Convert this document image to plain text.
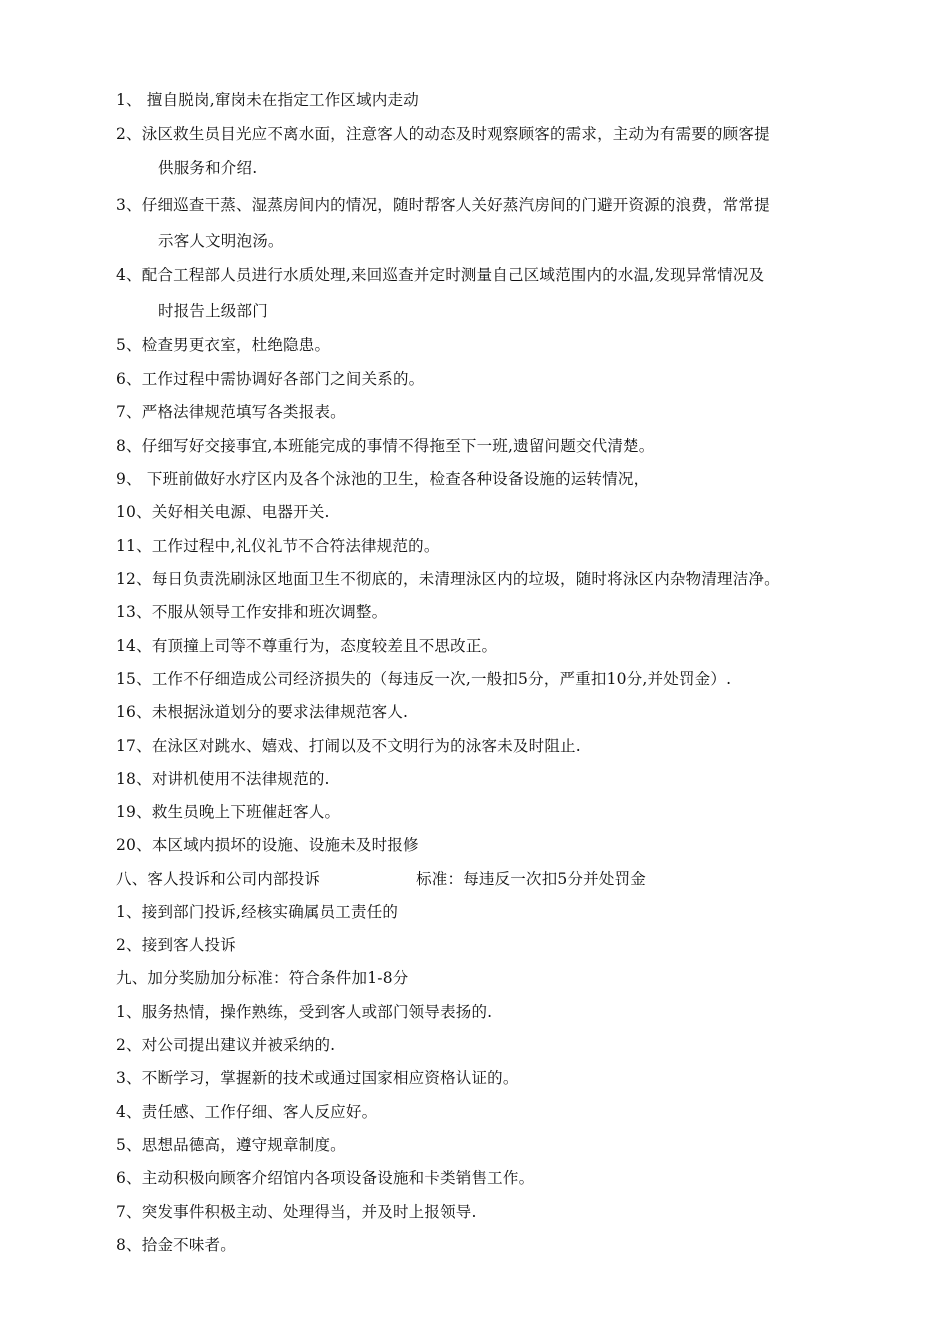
1、 擅自脱岗,窜岗未在指定工作区域内走动
2、泳区救生员目光应不离水面，注意客人的动态及时观察顾客的需求，主动为有需要的顾客提
供服务和介绍.
3、仔细巡查干蒸、湿蒸房间内的情况，随时帮客人关好蒸汽房间的门避开资源的浪费，常常提
示客人文明泡汤。
4、配合工程部人员进行水质处理,来回巡查并定时测量自己区域范围内的水温,发现异常情况及
时报告上级部门
5、检查男更衣室，杜绝隐患。
6、工作过程中需协调好各部门之间关系的。
7、严格法律规范填写各类报表。
8、仔细写好交接事宜,本班能完成的事情不得拖至下一班,遗留问题交代清楚。
9、 下班前做好水疗区内及各个泳池的卫生，检查各种设备设施的运转情况，
10、关好相关电源、电器开关.
11、工作过程中,礼仪礼节不合符法律规范的。
12、每日负责洗刷泳区地面卫生不彻底的，未清理泳区内的垃圾，随时将泳区内杂物清理洁净。
13、不服从领导工作安排和班次调整。
14、有顶撞上司等不尊重行为，态度较差且不思改正。
15、工作不仔细造成公司经济损失的（每违反一次,一般扣5分，严重扣10分,并处罚金）.
16、未根据泳道划分的要求法律规范客人.
17、在泳区对跳水、嬉戏、打闹以及不文明行为的泳客未及时阻止.
18、对讲机使用不法律规范的.
19、救生员晚上下班催赶客人。
20、本区域内损坏的设施、设施未及时报修
八、客人投诉和公司内部投诉	标准：每违反一次扣5分并处罚金
1、接到部门投诉,经核实确属员工责任的
2、接到客人投诉
九、加分奖励加分标准：符合条件加1-8分
1、服务热情，操作熟练，受到客人或部门领导表扬的.
2、对公司提出建议并被采纳的.
3、不断学习，掌握新的技术或通过国家相应资格认证的。
4、责任感、工作仔细、客人反应好。
5、思想品德高，遵守规章制度。
6、主动积极向顾客介绍馆内各项设备设施和卡类销售工作。
7、突发事件积极主动、处理得当，并及时上报领导.
8、拾金不味者。
